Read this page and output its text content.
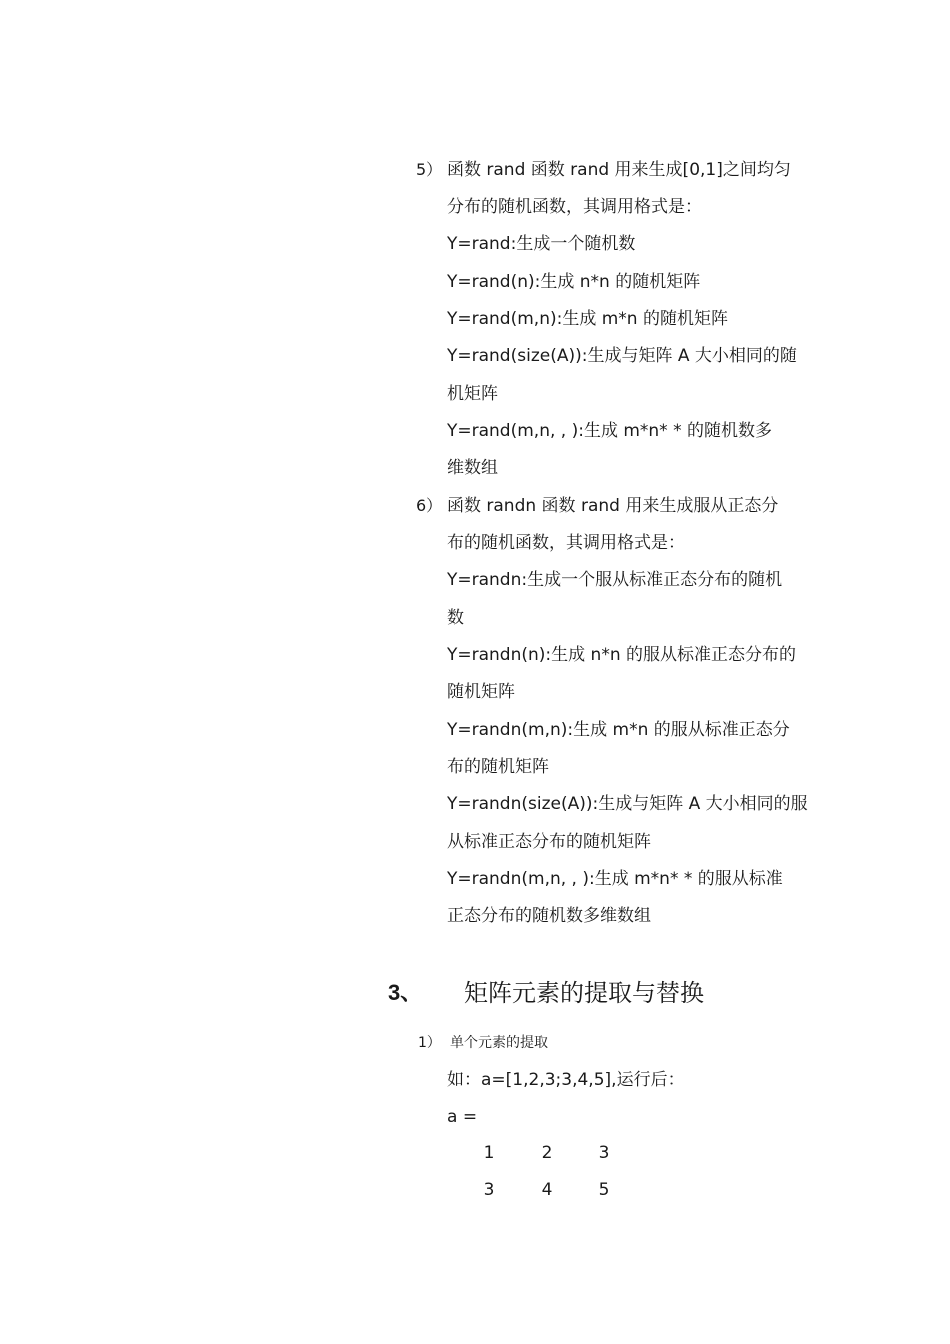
5） 函数 rand 函数 rand 用来生成[0,1]之间均匀
分布的随机函数，其调用格式是：
Y=rand:生成一个随机数
Y=rand(n):生成 n*n 的随机矩阵
Y=rand(m,n):生成 m*n 的随机矩阵
Y=rand(size(A)):生成与矩阵 A 大小相同的随
机矩阵
Y=rand(m,n, , ):生成 m*n* * 的随机数多
维数组
6） 函数 randn 函数 rand 用来生成服从正态分
布的随机函数，其调用格式是：
Y=randn:生成一个服从标准正态分布的随机
数
Y=randn(n):生成 n*n 的服从标准正态分布的
随机矩阵
Y=randn(m,n):生成 m*n 的服从标准正态分
布的随机矩阵
Y=randn(size(A)):生成与矩阵 A 大小相同的服
从标准正态分布的随机矩阵
Y=randn(m,n, , ):生成 m*n* * 的服从标准
正态分布的随机数多维数组
3、 矩阵元素的提取与替换
1） 单个元素的提取
如：a=[1,2,3;3,4,5],运行后：
a =
1	2	3
3	4	5
